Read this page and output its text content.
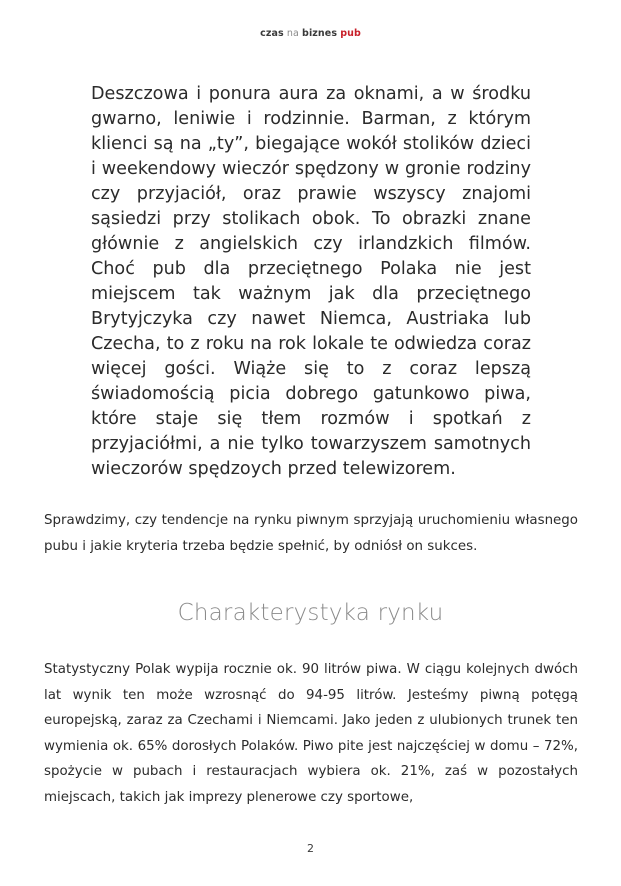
czas na biznes pub
Deszczowa i ponura aura za oknami, a w środku gwarno, leniwie i rodzinnie. Barman, z którym klienci są na „ty”, biegające wokół stolików dzieci i weekendowy wieczór spędzony w gronie rodziny czy przyjaciół, oraz prawie wszyscy znajomi sąsiedzi przy stolikach obok. To obrazki znane głównie z angielskich czy irlandzkich filmów. Choć pub dla przeciętnego Polaka nie jest miejscem tak ważnym jak dla przeciętnego Brytyjczyka czy nawet Niemca, Austriaka lub Czecha, to z roku na rok lokale te odwiedza coraz więcej gości. Wiąże się to z coraz lepszą świadomością picia dobrego gatunkowo piwa, które staje się tłem rozmów i spotkań z przyjaciółmi, a nie tylko towarzyszem samotnych wieczorów spędzoych przed telewizorem.
Sprawdzimy, czy tendencje na rynku piwnym sprzyjają uruchomieniu własnego pubu i jakie kryteria trzeba będzie spełnić, by odniósł on sukces.
Charakterystyka rynku
Statystyczny Polak wypija rocznie ok. 90 litrów piwa. W ciągu kolejnych dwóch lat wynik ten może wzrosnąć do 94-95 litrów. Jesteśmy piwną potęgą europejską, zaraz za Czechami i Niemcami. Jako jeden z ulubionych trunek ten wymienia ok. 65% dorosłych Polaków. Piwo pite jest najczęściej w domu – 72%, spożycie w pubach i restauracjach wybiera ok. 21%, zaś w pozostałych miejscach, takich jak imprezy plenerowe czy sportowe,
2
